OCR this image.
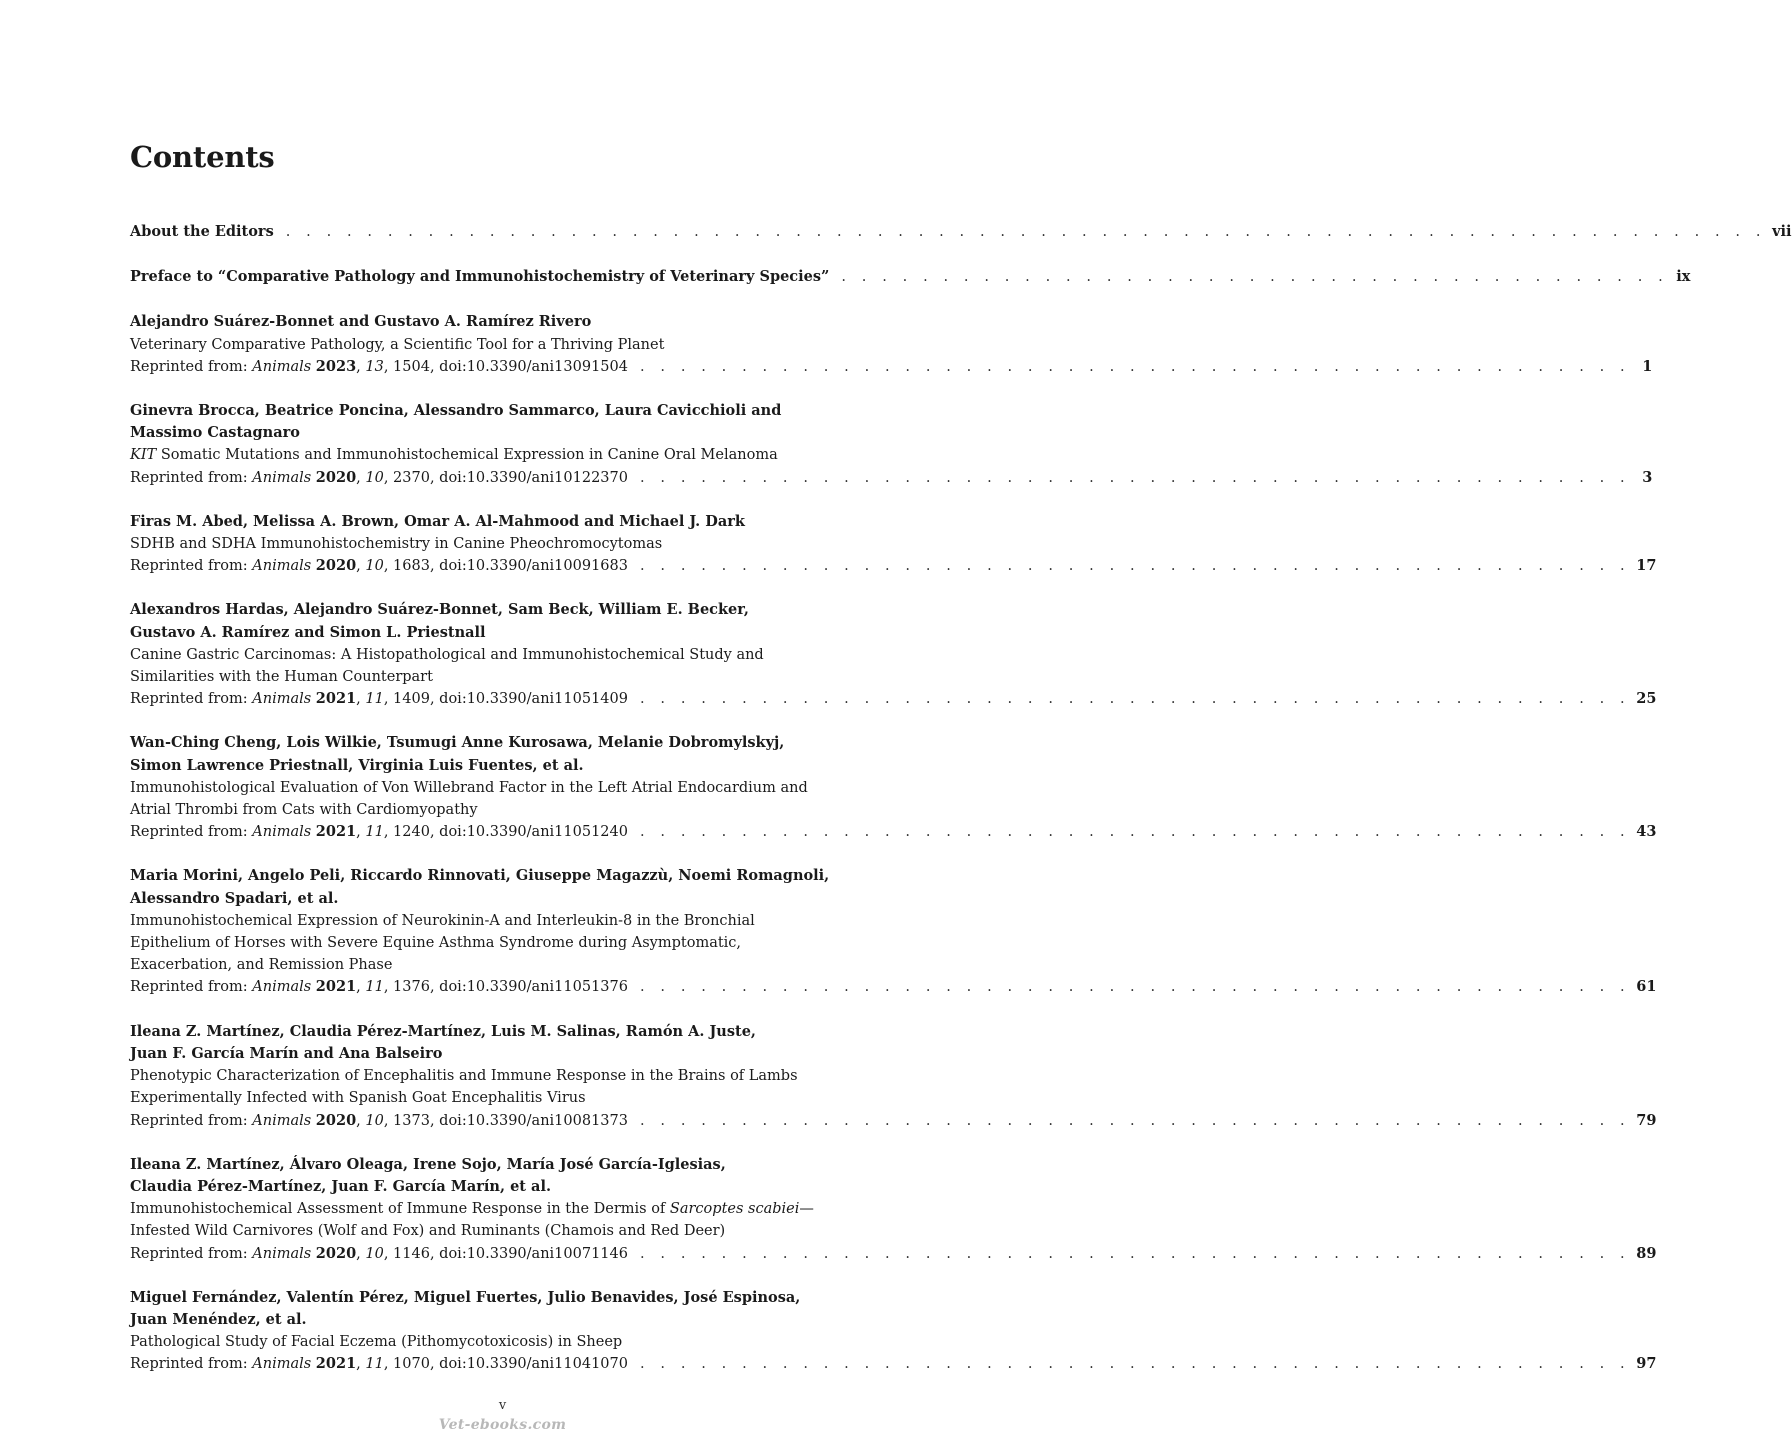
Contents
About the Editors . . . . . . . . . . . . . . . . . . . . . . . . . . . . . . . . . . . . . . . . . . . . . . . . . . . . . . . . . . . . . . . . . . . . . . . . . vii
Preface to “Comparative Pathology and Immunohistochemistry of Veterinary Species” . . . . . . . . . . . . . . . . . . . . . . . . . . . . . . . . . . . . . . . . . ix
Alejandro Suárez-Bonnet and Gustavo A. Ramírez Rivero
Veterinary Comparative Pathology, a Scientific Tool for a Thriving Planet
Reprinted from: Animals 2023, 13, 1504, doi:10.3390/ani13091504 . . . . . . . . . . . . . . . . . . . . . . . . . . . . . . . . . . . . . . . . . . . . . . . . . 1
Ginevra Brocca, Beatrice Poncina, Alessandro Sammarco, Laura Cavicchioli and
Massimo Castagnaro
KIT Somatic Mutations and Immunohistochemical Expression in Canine Oral Melanoma
Reprinted from: Animals 2020, 10, 2370, doi:10.3390/ani10122370 . . . . . . . . . . . . . . . . . . . . . . . . . . . . . . . . . . . . . . . . . . . . . . . . . 3
Firas M. Abed, Melissa A. Brown, Omar A. Al-Mahmood and Michael J. Dark
SDHB and SDHA Immunohistochemistry in Canine Pheochromocytomas
Reprinted from: Animals 2020, 10, 1683, doi:10.3390/ani10091683 . . . . . . . . . . . . . . . . . . . . . . . . . . . . . . . . . . . . . . . . . . . . . . . . . 17
Alexandros Hardas, Alejandro Suárez-Bonnet, Sam Beck, William E. Becker,
Gustavo A. Ramírez and Simon L. Priestnall
Canine Gastric Carcinomas: A Histopathological and Immunohistochemical Study and
Similarities with the Human Counterpart
Reprinted from: Animals 2021, 11, 1409, doi:10.3390/ani11051409 . . . . . . . . . . . . . . . . . . . . . . . . . . . . . . . . . . . . . . . . . . . . . . . . . 25
Wan-Ching Cheng, Lois Wilkie, Tsumugi Anne Kurosawa, Melanie Dobromylskyj,
Simon Lawrence Priestnall, Virginia Luis Fuentes, et al.
Immunohistological Evaluation of Von Willebrand Factor in the Left Atrial Endocardium and
Atrial Thrombi from Cats with Cardiomyopathy
Reprinted from: Animals 2021, 11, 1240, doi:10.3390/ani11051240 . . . . . . . . . . . . . . . . . . . . . . . . . . . . . . . . . . . . . . . . . . . . . . . . . 43
Maria Morini, Angelo Peli, Riccardo Rinnovati, Giuseppe Magazzù, Noemi Romagnoli,
Alessandro Spadari, et al.
Immunohistochemical Expression of Neurokinin-A and Interleukin-8 in the Bronchial
Epithelium of Horses with Severe Equine Asthma Syndrome during Asymptomatic,
Exacerbation, and Remission Phase
Reprinted from: Animals 2021, 11, 1376, doi:10.3390/ani11051376 . . . . . . . . . . . . . . . . . . . . . . . . . . . . . . . . . . . . . . . . . . . . . . . . . 61
Ileana Z. Martínez, Claudia Pérez-Martínez, Luis M. Salinas, Ramón A. Juste,
Juan F. García Marín and Ana Balseiro
Phenotypic Characterization of Encephalitis and Immune Response in the Brains of Lambs
Experimentally Infected with Spanish Goat Encephalitis Virus
Reprinted from: Animals 2020, 10, 1373, doi:10.3390/ani10081373 . . . . . . . . . . . . . . . . . . . . . . . . . . . . . . . . . . . . . . . . . . . . . . . . . 79
Ileana Z. Martínez, Álvaro Oleaga, Irene Sojo, María José García-Iglesias,
Claudia Pérez-Martínez, Juan F. García Marín, et al.
Immunohistochemical Assessment of Immune Response in the Dermis of Sarcoptes scabiei—
Infested Wild Carnivores (Wolf and Fox) and Ruminants (Chamois and Red Deer)
Reprinted from: Animals 2020, 10, 1146, doi:10.3390/ani10071146 . . . . . . . . . . . . . . . . . . . . . . . . . . . . . . . . . . . . . . . . . . . . . . . . . 89
Miguel Fernández, Valentín Pérez, Miguel Fuertes, Julio Benavides, José Espinosa,
Juan Menéndez, et al.
Pathological Study of Facial Eczema (Pithomycotoxicosis) in Sheep
Reprinted from: Animals 2021, 11, 1070, doi:10.3390/ani11041070 . . . . . . . . . . . . . . . . . . . . . . . . . . . . . . . . . . . . . . . . . . . . . . . . . 97
v
Vet-ebooks.com
